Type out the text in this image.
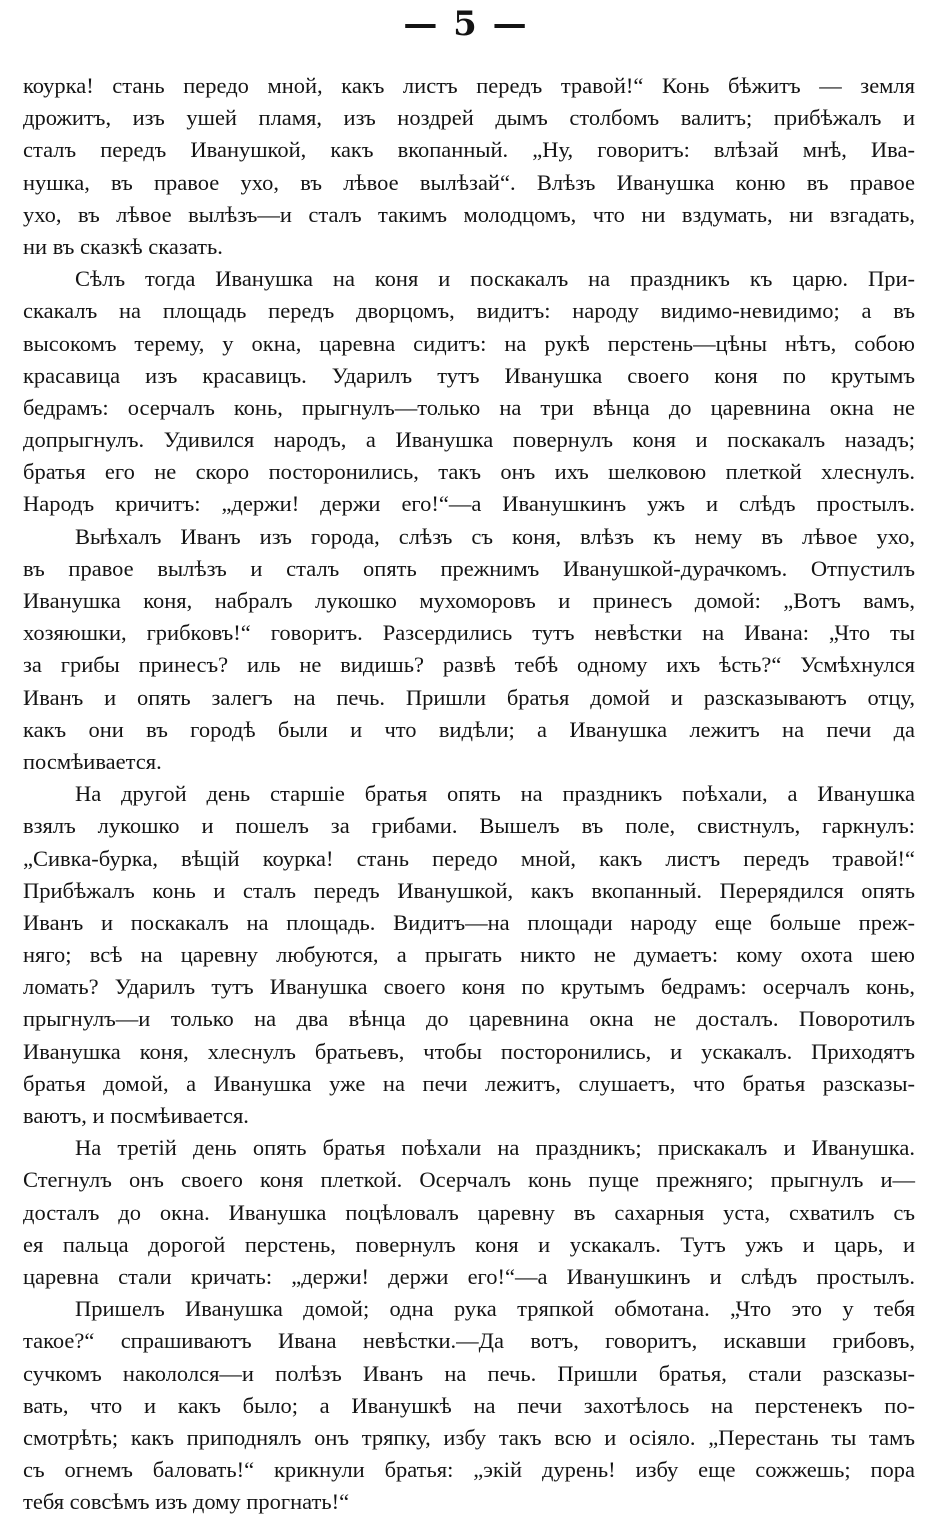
— 5 —
коурка! стань передо мной, какъ листъ передъ травой!“ Конь бѣжитъ — земля
дрожитъ, изъ ушей пламя, изъ ноздрей дымъ столбомъ валитъ; прибѣжалъ и
сталъ передъ Иванушкой, какъ вкопанный. „Ну, говоритъ: влѣзай мнѣ, Ива-
нушка, въ правое ухо, въ лѣвое вылѣзай“. Влѣзъ Иванушка коню въ правое
ухо, въ лѣвое вылѣзъ—и сталъ такимъ молодцомъ, что ни вздумать, ни взгадать,
ни въ сказкѣ сказать.
Сѣлъ тогда Иванушка на коня и поскакалъ на праздникъ къ царю. При-
скакалъ на площадь передъ дворцомъ, видитъ: народу видимо-невидимо; а въ
высокомъ терему, у окна, царевна сидитъ: на рукѣ перстень—цѣны нѣтъ, собою
красавица изъ красавицъ. Ударилъ тутъ Иванушка своего коня по крутымъ
бедрамъ: осерчалъ конь, прыгнулъ—только на три вѣнца до царевнина окна не
допрыгнулъ. Удивился народъ, а Иванушка повернулъ коня и поскакалъ назадъ;
братья его не скоро посторонились, такъ онъ ихъ шелковою плеткой хлеснулъ.
Народъ кричитъ: „держи! держи его!“—а Иванушкинъ ужъ и слѣдъ простылъ.
Выѣхалъ Иванъ изъ города, слѣзъ съ коня, влѣзъ къ нему въ лѣвое ухо,
въ правое вылѣзъ и сталъ опять прежнимъ Иванушкой-дурачкомъ. Отпустилъ
Иванушка коня, набралъ лукошко мухоморовъ и принесъ домой: „Вотъ вамъ,
хозяюшки, грибковъ!“ говоритъ. Разсердились тутъ невѣстки на Ивана: „Что ты
за грибы принесъ? иль не видишь? развѣ тебѣ одному ихъ ѣсть?“ Усмѣхнулся
Иванъ и опять залегъ на печь. Пришли братья домой и разсказываютъ отцу,
какъ они въ городѣ были и что видѣли; а Иванушка лежитъ на печи да
посмѣивается.
На другой день старшіе братья опять на праздникъ поѣхали, а Иванушка
взялъ лукошко и пошелъ за грибами. Вышелъ въ поле, свистнулъ, гаркнулъ:
„Сивка-бурка, вѣщій коурка! стань передо мной, какъ листъ передъ травой!“
Прибѣжалъ конь и сталъ передъ Иванушкой, какъ вкопанный. Перерядился опять
Иванъ и поскакалъ на площадь. Видитъ—на площади народу еще больше преж-
няго; всѣ на царевну любуются, а прыгать никто не думаетъ: кому охота шею
ломать? Ударилъ тутъ Иванушка своего коня по крутымъ бедрамъ: осерчалъ конь,
прыгнулъ—и только на два вѣнца до царевнина окна не досталъ. Поворотилъ
Иванушка коня, хлеснулъ братьевъ, чтобы посторонились, и ускакалъ. Приходятъ
братья домой, а Иванушка уже на печи лежитъ, слушаетъ, что братья разсказы-
ваютъ, и посмѣивается.
На третій день опять братья поѣхали на праздникъ; прискакалъ и Иванушка.
Стегнулъ онъ своего коня плеткой. Осерчалъ конь пуще прежняго; прыгнулъ и—
досталъ до окна. Иванушка поцѣловалъ царевну въ сахарныя уста, схватилъ съ
ея пальца дорогой перстень, повернулъ коня и ускакалъ. Тутъ ужъ и царь, и
царевна стали кричать: „держи! держи его!“—а Иванушкинъ и слѣдъ простылъ.
Пришелъ Иванушка домой; одна рука тряпкой обмотана. „Что это у тебя
такое?“ спрашиваютъ Ивана невѣстки.—Да вотъ, говоритъ, искавши грибовъ,
сучкомъ накололся—и полѣзъ Иванъ на печь. Пришли братья, стали разсказы-
вать, что и какъ было; а Иванушкѣ на печи захотѣлось на перстенекъ по-
смотрѣть; какъ приподнялъ онъ тряпку, избу такъ всю и осіяло. „Перестань ты тамъ
съ огнемъ баловать!“ крикнули братья: „экій дурень! избу еще сожжешь; пора
тебя совсѣмъ изъ дому прогнать!“
